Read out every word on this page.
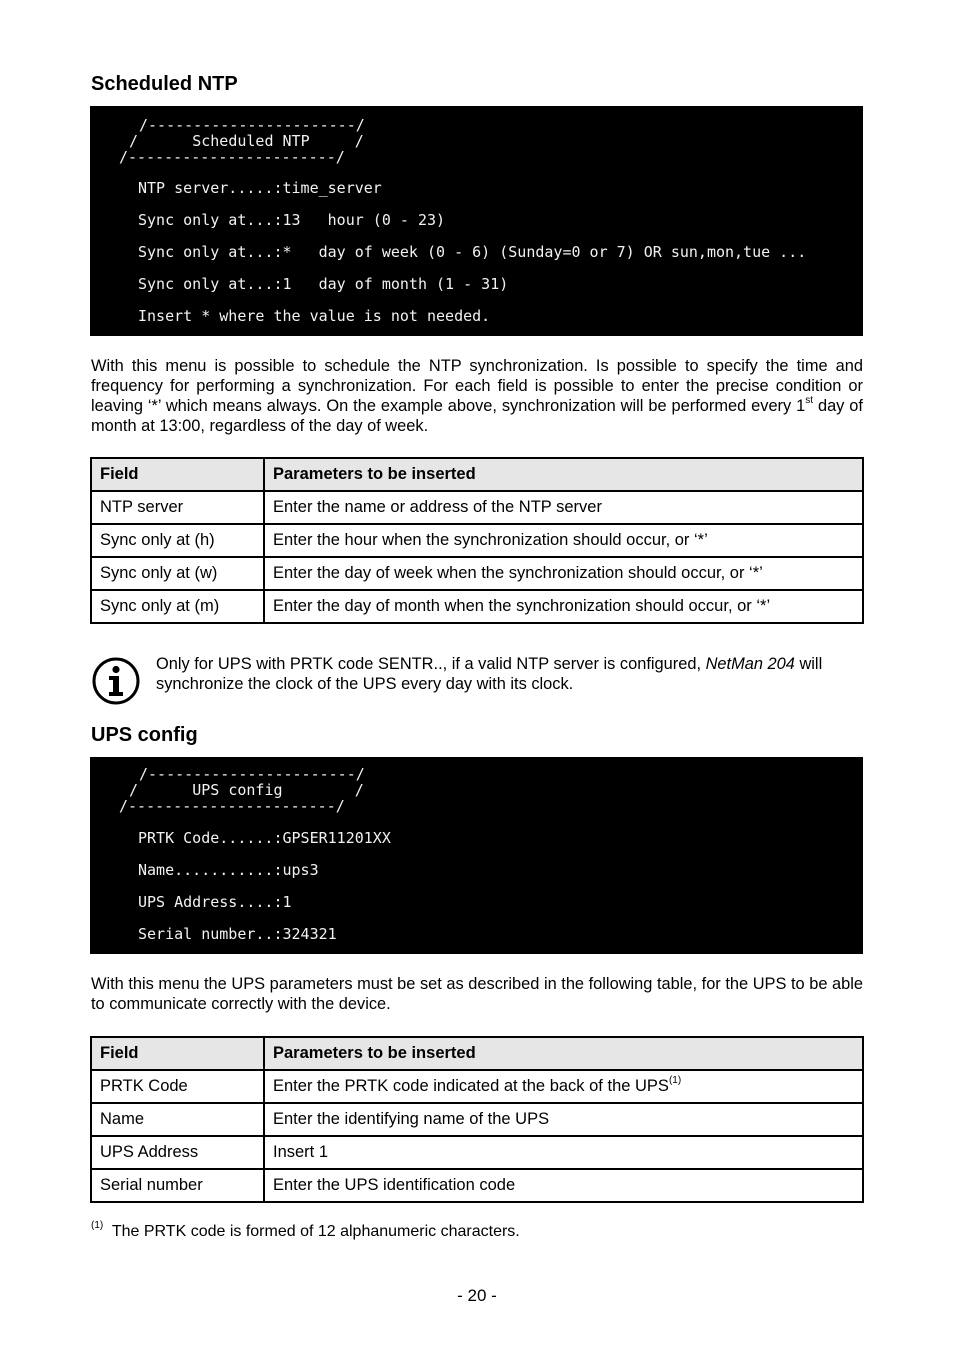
Scheduled NTP
/-----------------------/
/      Scheduled NTP     /
/-----------------------/
NTP server.....:time_server
Sync only at...:13   hour (0 - 23)
Sync only at...:*   day of week (0 - 6) (Sunday=0 or 7) OR sun,mon,tue ...
Sync only at...:1   day of month (1 - 31)
Insert * where the value is not needed.

With this menu is possible to schedule the NTP synchronization. Is possible to specify the time and frequency for performing a synchronization. For each field is possible to enter the precise condition or leaving ‘*’ which means always. On the example above, synchronization will be performed every 1st day of month at 13:00, regardless of the day of week.

Field	Parameters to be inserted
NTP server	Enter the name or address of the NTP server
Sync only at (h)	Enter the hour when the synchronization should occur, or ‘*’
Sync only at (w)	Enter the day of week when the synchronization should occur, or ‘*’
Sync only at (m)	Enter the day of month when the synchronization should occur, or ‘*’
Only for UPS with PRTK code SENTR.., if a valid NTP server is configured, NetMan 204 will synchronize the clock of the UPS every day with its clock.
UPS config
/-----------------------/
/      UPS config        /
/-----------------------/
PRTK Code......:GPSER11201XX
Name...........:ups3
UPS Address....:1
Serial number..:324321

With this menu the UPS parameters must be set as described in the following table, for the UPS to be able to communicate correctly with the device.

Field	Parameters to be inserted
PRTK Code	Enter the PRTK code indicated at the back of the UPS$^{(1)}$
Name	Enter the identifying name of the UPS
UPS Address	Insert 1
Serial number	Enter the UPS identification code
$^{(1)}$ The PRTK code is formed of 12 alphanumeric characters.
- 20 -
